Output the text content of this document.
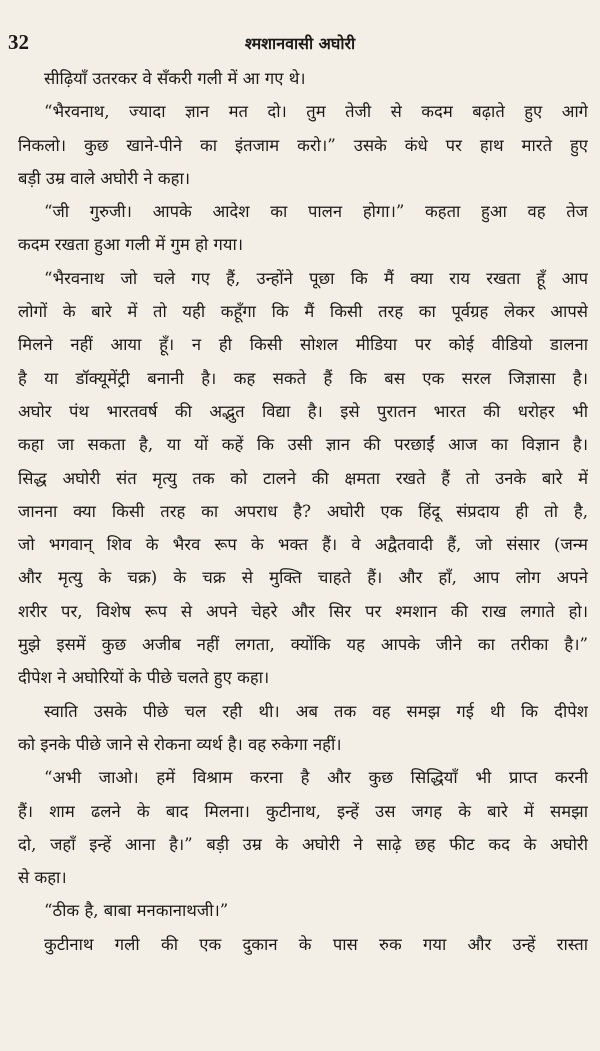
32	श्मशानवासी अघोरी
सीढ़ियाँ उतरकर वे सँकरी गली में आ गए थे।
“भैरवनाथ, ज्यादा ज्ञान मत दो। तुम तेजी से कदम बढ़ाते हुए आगे
निकलो। कुछ खाने-पीने का इंतजाम करो।” उसके कंधे पर हाथ मारते हुए
बड़ी उम्र वाले अघोरी ने कहा।
“जी गुरुजी। आपके आदेश का पालन होगा।” कहता हुआ वह तेज
कदम रखता हुआ गली में गुम हो गया।
“भैरवनाथ जो चले गए हैं, उन्होंने पूछा कि मैं क्या राय रखता हूँ आप
लोगों के बारे में तो यही कहूँगा कि मैं किसी तरह का पूर्वग्रह लेकर आपसे
मिलने नहीं आया हूँ। न ही किसी सोशल मीडिया पर कोई वीडियो डालना
है या डॉक्यूमेंट्री बनानी है। कह सकते हैं कि बस एक सरल जिज्ञासा है।
अघोर पंथ भारतवर्ष की अद्भुत विद्या है। इसे पुरातन भारत की धरोहर भी
कहा जा सकता है, या यों कहें कि उसी ज्ञान की परछाईं आज का विज्ञान है।
सिद्ध अघोरी संत मृत्यु तक को टालने की क्षमता रखते हैं तो उनके बारे में
जानना क्या किसी तरह का अपराध है? अघोरी एक हिंदू संप्रदाय ही तो है,
जो भगवान् शिव के भैरव रूप के भक्त हैं। वे अद्वैतवादी हैं, जो संसार (जन्म
और मृत्यु के चक्र) के चक्र से मुक्ति चाहते हैं। और हाँ, आप लोग अपने
शरीर पर, विशेष रूप से अपने चेहरे और सिर पर श्मशान की राख लगाते हो।
मुझे इसमें कुछ अजीब नहीं लगता, क्योंकि यह आपके जीने का तरीका है।”
दीपेश ने अघोरियों के पीछे चलते हुए कहा।
स्वाति उसके पीछे चल रही थी। अब तक वह समझ गई थी कि दीपेश
को इनके पीछे जाने से रोकना व्यर्थ है। वह रुकेगा नहीं।
“अभी जाओ। हमें विश्राम करना है और कुछ सिद्धियाँ भी प्राप्त करनी
हैं। शाम ढलने के बाद मिलना। कुटीनाथ, इन्हें उस जगह के बारे में समझा
दो, जहाँ इन्हें आना है।” बड़ी उम्र के अघोरी ने साढ़े छह फीट कद के अघोरी
से कहा।
“ठीक है, बाबा मनकानाथजी।”
कुटीनाथ गली की एक दुकान के पास रुक गया और उन्हें रास्ता
